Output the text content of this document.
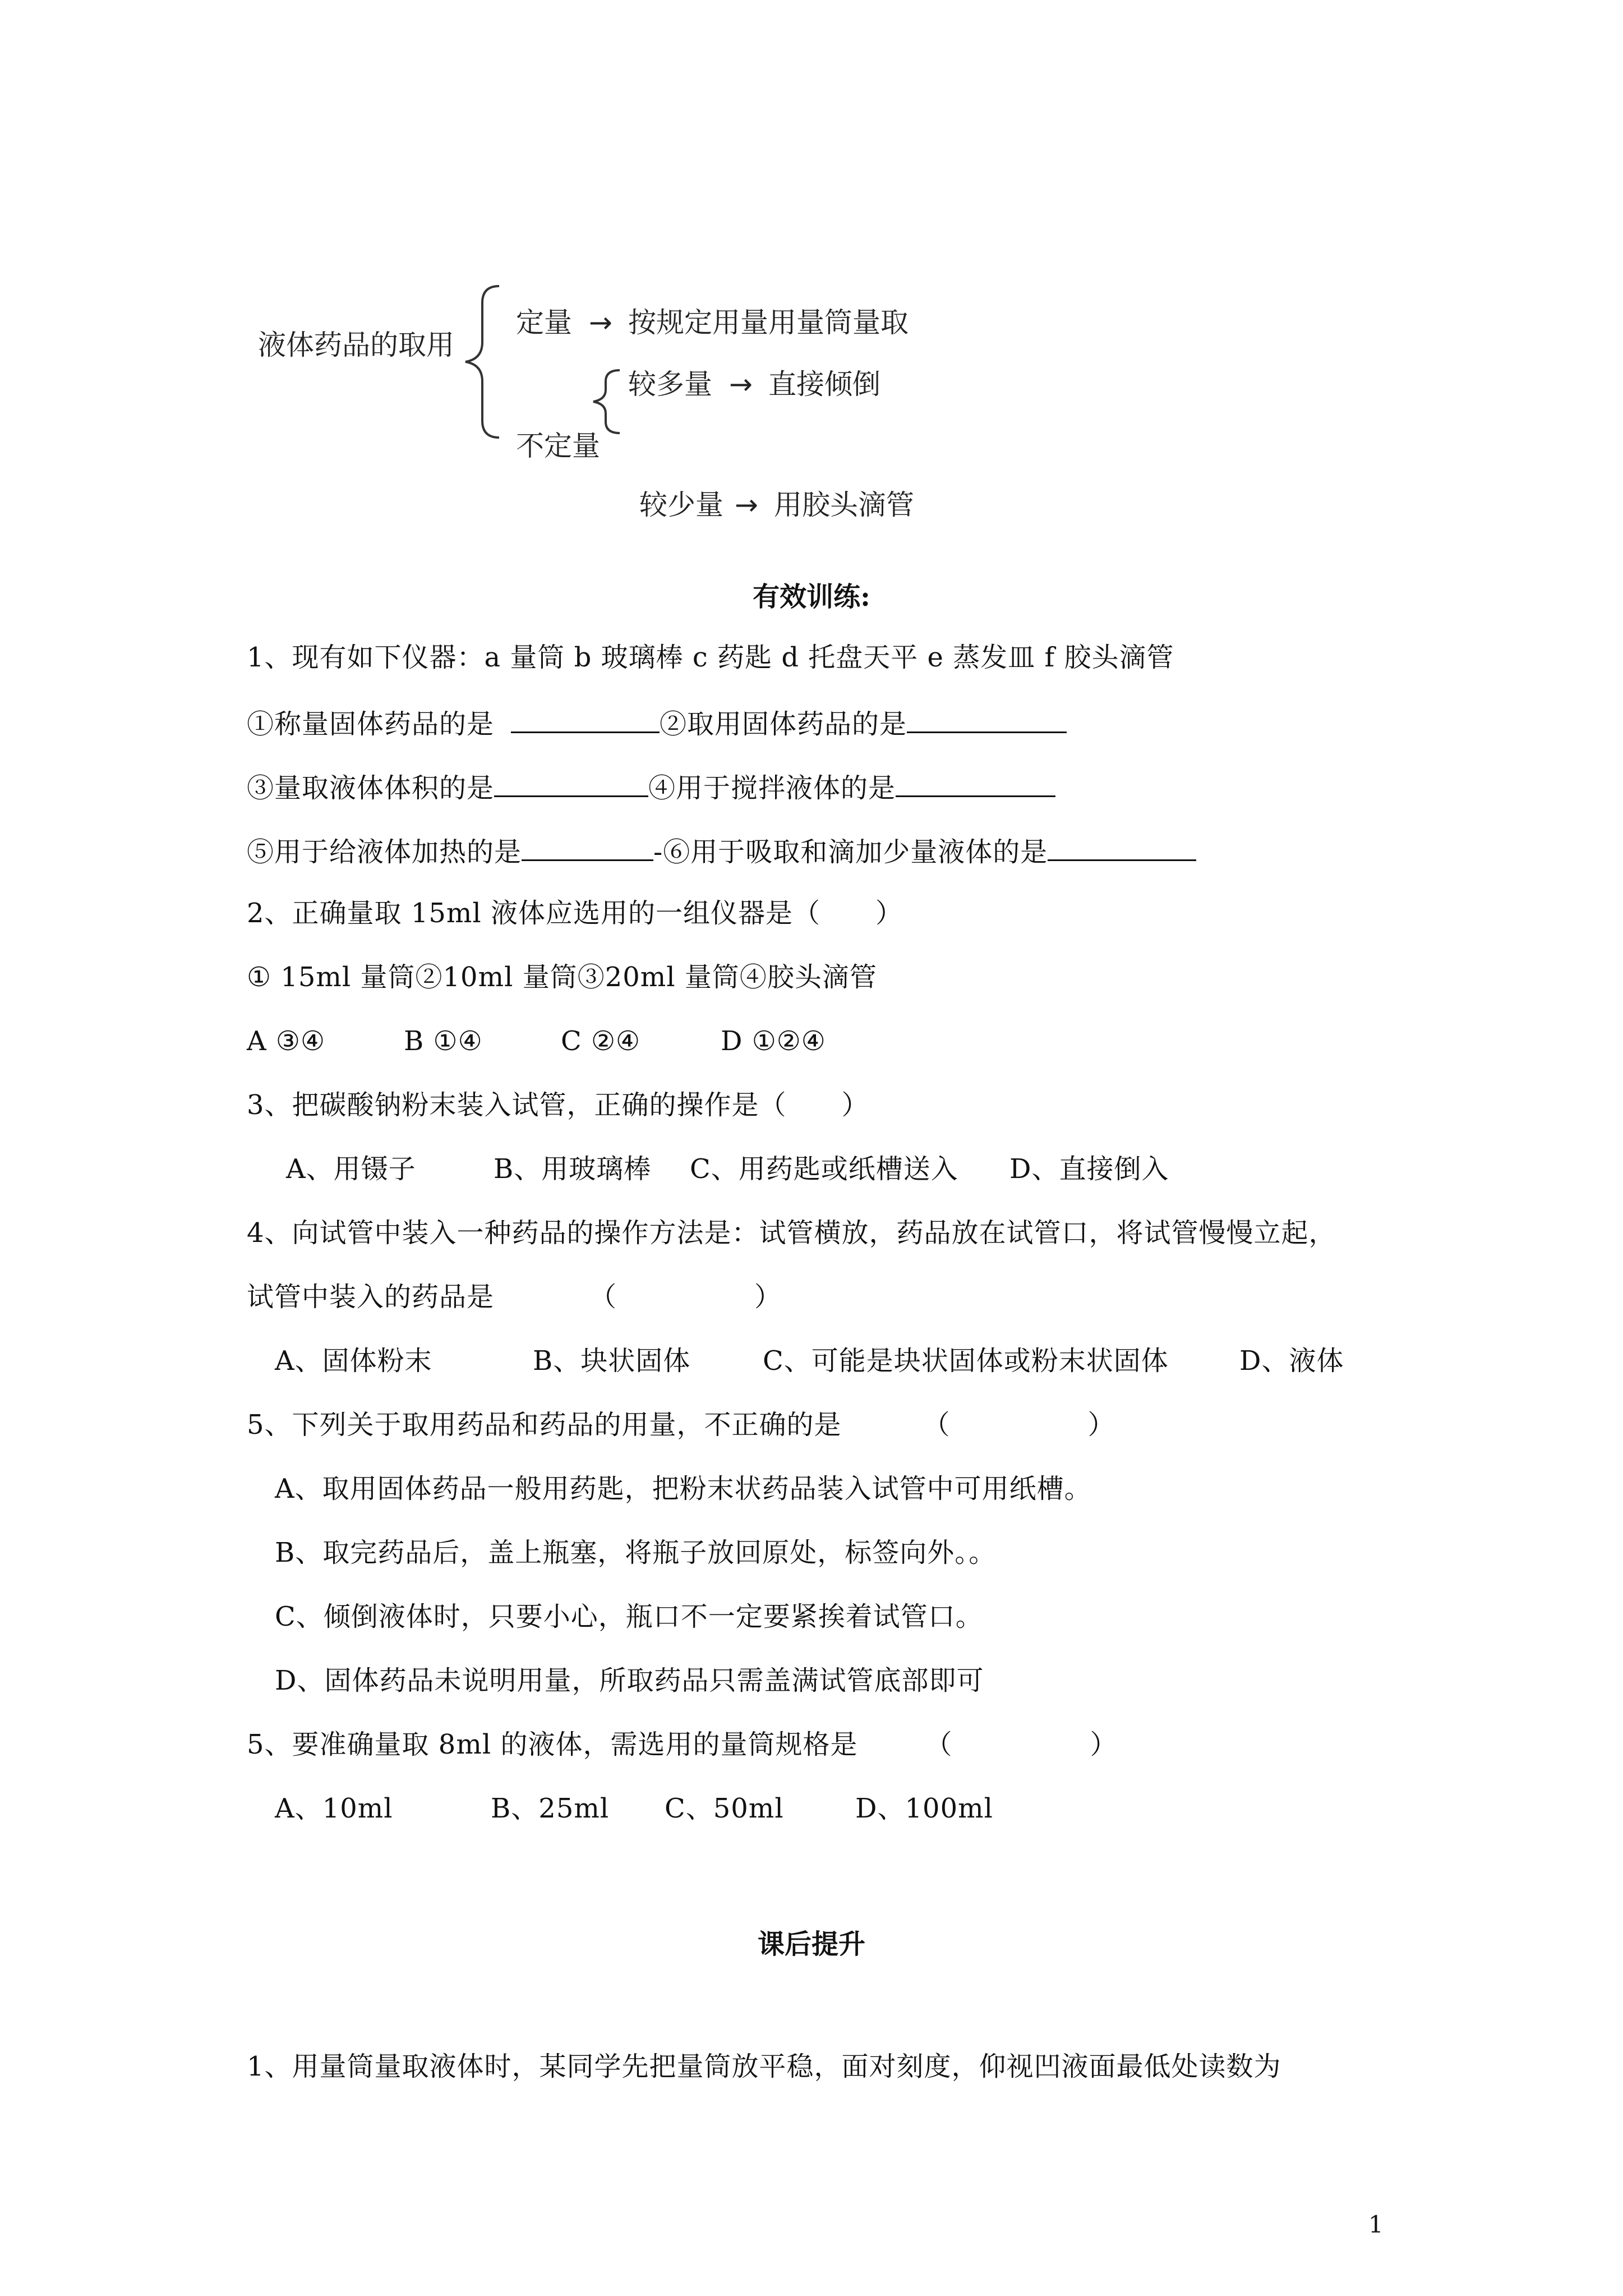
液体药品的取用
定量 → 按规定用量用量筒量取
较多量 → 直接倾倒
不定量
较少量 → 用胶头滴管
有效训练:
1、现有如下仪器：a 量筒 b 玻璃棒 c 药匙 d 托盘天平 e 蒸发皿 f 胶头滴管
①称量固体药品的是	②取用固体药品的是
③量取液体体积的是	④用于搅拌液体的是
⑤用于给液体加热的是	-⑥用于吸取和滴加少量液体的是
2、正确量取 15ml 液体应选用的一组仪器是（　　）
① 15ml 量筒②10ml 量筒③20ml 量筒④胶头滴管
A ③④	B ①④	C ②④	D ①②④
3、把碳酸钠粉末装入试管，正确的操作是（　　）
A、用镊子	B、用玻璃棒 C、用药匙或纸槽送入 D、直接倒入
4、向试管中装入一种药品的操作方法是：试管横放，药品放在试管口，将试管慢慢立起，
试管中装入的药品是	（　　　　　）
A、固体粉末	B、块状固体	C、可能是块状固体或粉末状固体	D、液体
5、下列关于取用药品和药品的用量，不正确的是	（　　　　　）
A、取用固体药品一般用药匙，把粉末状药品装入试管中可用纸槽。
B、取完药品后，盖上瓶塞，将瓶子放回原处，标签向外。。
C、倾倒液体时，只要小心，瓶口不一定要紧挨着试管口。
D、固体药品未说明用量，所取药品只需盖满试管底部即可
5、要准确量取 8ml 的液体，需选用的量筒规格是	（　　　　　）
A、10ml	B、25ml C、50ml	D、100ml
课后提升
1、用量筒量取液体时，某同学先把量筒放平稳，面对刻度，仰视凹液面最低处读数为
1
